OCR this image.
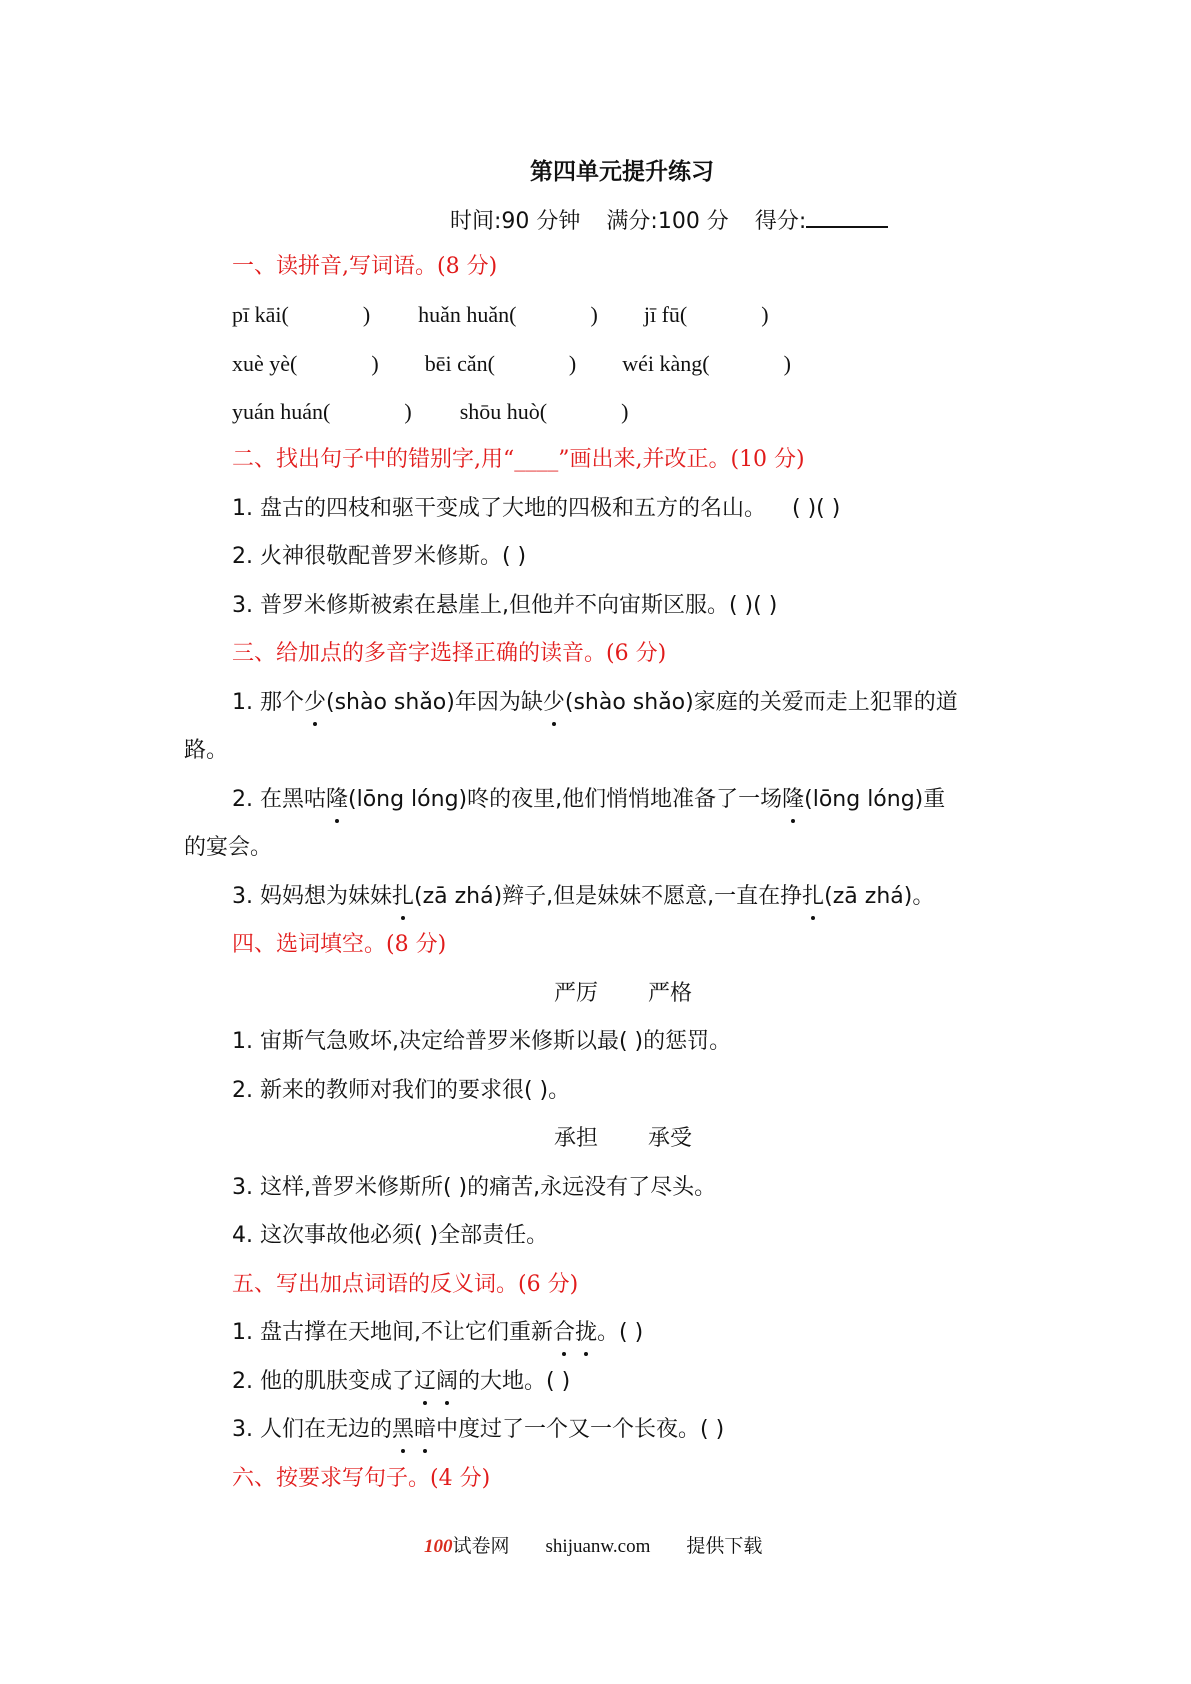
第四单元提升练习
时间:90 分钟 满分:100 分 得分:
一、读拼音,写词语。(8 分)
pī kāi(	) huǎn huǎn(	) jī fū(	)
xuè yè(	) bēi cǎn(	) wéi kàng(	)
yuán huán(	) shōu huò(	)
二、找出句子中的错别字,用“____”画出来,并改正。(10 分)
1. 盘古的四枝和驱干变成了大地的四极和五方的名山。 ( )( )
2. 火神很敬配普罗米修斯。( )
3. 普罗米修斯被索在悬崖上,但他并不向宙斯区服。( )( )
三、给加点的多音字选择正确的读音。(6 分)
1. 那个少(shào shǎo)年因为缺少(shào shǎo)家庭的关爱而走上犯罪的道
路。
2. 在黑咕隆(lōng lóng)咚的夜里,他们悄悄地准备了一场隆(lōng lóng)重
的宴会。
3. 妈妈想为妹妹扎(zā zhá)辫子,但是妹妹不愿意,一直在挣扎(zā zhá)。
四、选词填空。(8 分)
严厉 严格
1. 宙斯气急败坏,决定给普罗米修斯以最( )的惩罚。
2. 新来的教师对我们的要求很( )。
承担 承受
3. 这样,普罗米修斯所( )的痛苦,永远没有了尽头。
4. 这次事故他必须( )全部责任。
五、写出加点词语的反义词。(6 分)
1. 盘古撑在天地间,不让它们重新合拢。( )
2. 他的肌肤变成了辽阔的大地。( )
3. 人们在无边的黑暗中度过了一个又一个长夜。( )
六、按要求写句子。(4 分)
100试卷网 shijuanw.com 提供下载
